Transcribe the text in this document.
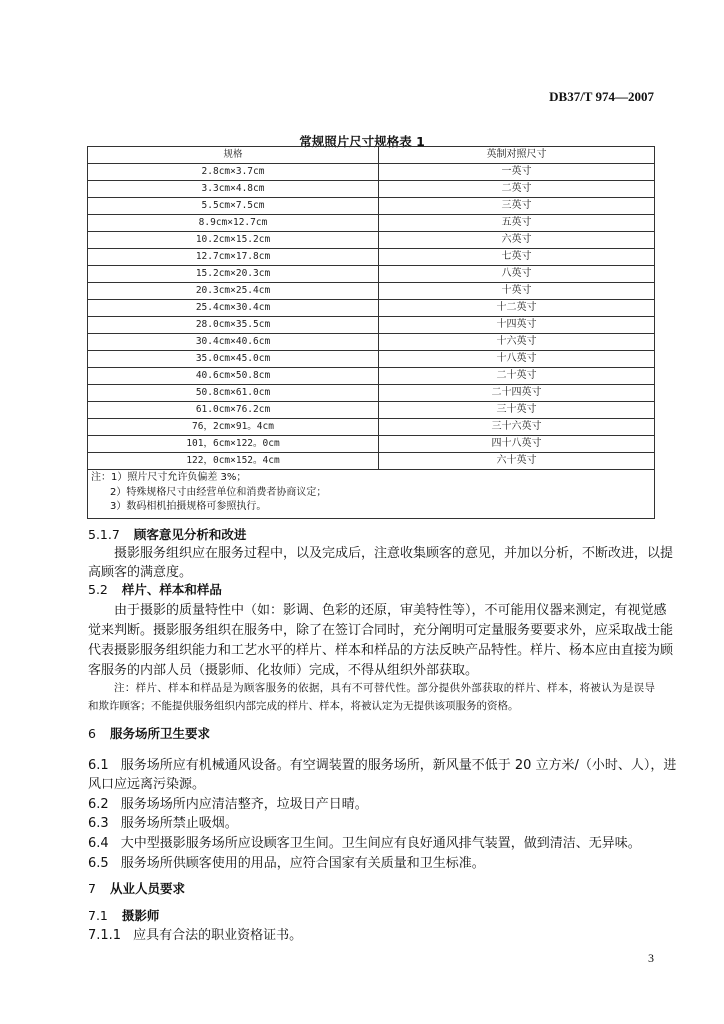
DB37/T 974—2007
常规照片尺寸规格表 1
规格	英制对照尺寸
2.8cm×3.7cm	一英寸
3.3cm×4.8cm	二英寸
5.5cm×7.5cm	三英寸
8.9cm×12.7cm	五英寸
10.2cm×15.2cm	六英寸
12.7cm×17.8cm	七英寸
15.2cm×20.3cm	八英寸
20.3cm×25.4cm	十英寸
25.4cm×30.4cm	十二英寸
28.0cm×35.5cm	十四英寸
30.4cm×40.6cm	十六英寸
35.0cm×45.0cm	十八英寸
40.6cm×50.8cm	二十英寸
50.8cm×61.0cm	二十四英寸
61.0cm×76.2cm	三十英寸
76，2cm×91。4cm	三十六英寸
101，6cm×122。0cm	四十八英寸
122，0cm×152。4cm	六十英寸

注：1）照片尺寸允许负偏差 3%；
2）特殊规格尺寸由经营单位和消费者协商议定；
3）数码相机拍摄规格可参照执行。	
5.1.7 顾客意见分析和改进
摄影服务组织应在服务过程中，以及完成后，注意收集顾客的意见，并加以分析，不断改进，以提
高顾客的满意度。
5.2 样片、样本和样品
由于摄影的质量特性中（如：影调、色彩的还原，审美特性等），不可能用仪器来测定，有视觉感
觉来判断。摄影服务组织在服务中，除了在签订合同时，充分阐明可定量服务要要求外，应采取战士能
代表摄影服务组织能力和工艺水平的样片、样本和样品的方法反映产品特性。样片、杨本应由直接为顾
客服务的内部人员（摄影师、化妆师）完成，不得从组织外部获取。
注：样片、样本和样品是为顾客服务的依据，具有不可替代性。部分提供外部获取的样片、样本，将被认为是误导
和欺诈顾客；不能提供服务组织内部完成的样片、样本，将被认定为无提供该项服务的资格。
6 服务场所卫生要求
6.1 服务场所应有机械通风设备。有空调装置的服务场所，新风量不低于 20 立方米/（小时、人），进
风口应远离污染源。
6.2 服务场场所内应清洁整齐，垃圾日产日晴。
6.3 服务场所禁止吸烟。
6.4 大中型摄影服务场所应设顾客卫生间。卫生间应有良好通风排气装置，做到清洁、无异味。
6.5 服务场所供顾客使用的用品，应符合国家有关质量和卫生标准。
7 从业人员要求
7.1 摄影师
7.1.1 应具有合法的职业资格证书。
3
